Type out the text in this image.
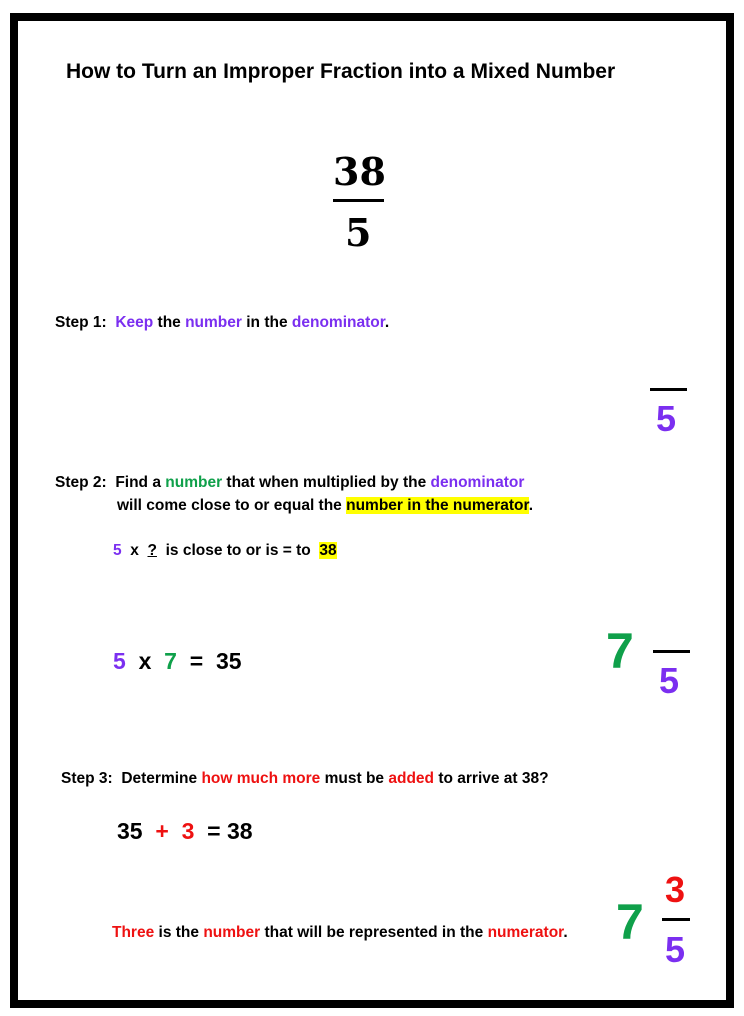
How to Turn an Improper Fraction into a Mixed Number
38
5
Step 1: Keep the number in the denominator.
5
Step 2: Find a number that when multiplied by the denominator
will come close to or equal the number in the numerator.
5 x ? is close to or is = to 38
5 x 7 = 35	7
5
Step 3: Determine how much more must be added to arrive at 38?
35 + 3 = 38
Three is the number that will be represented in the numerator. 7
3
5
